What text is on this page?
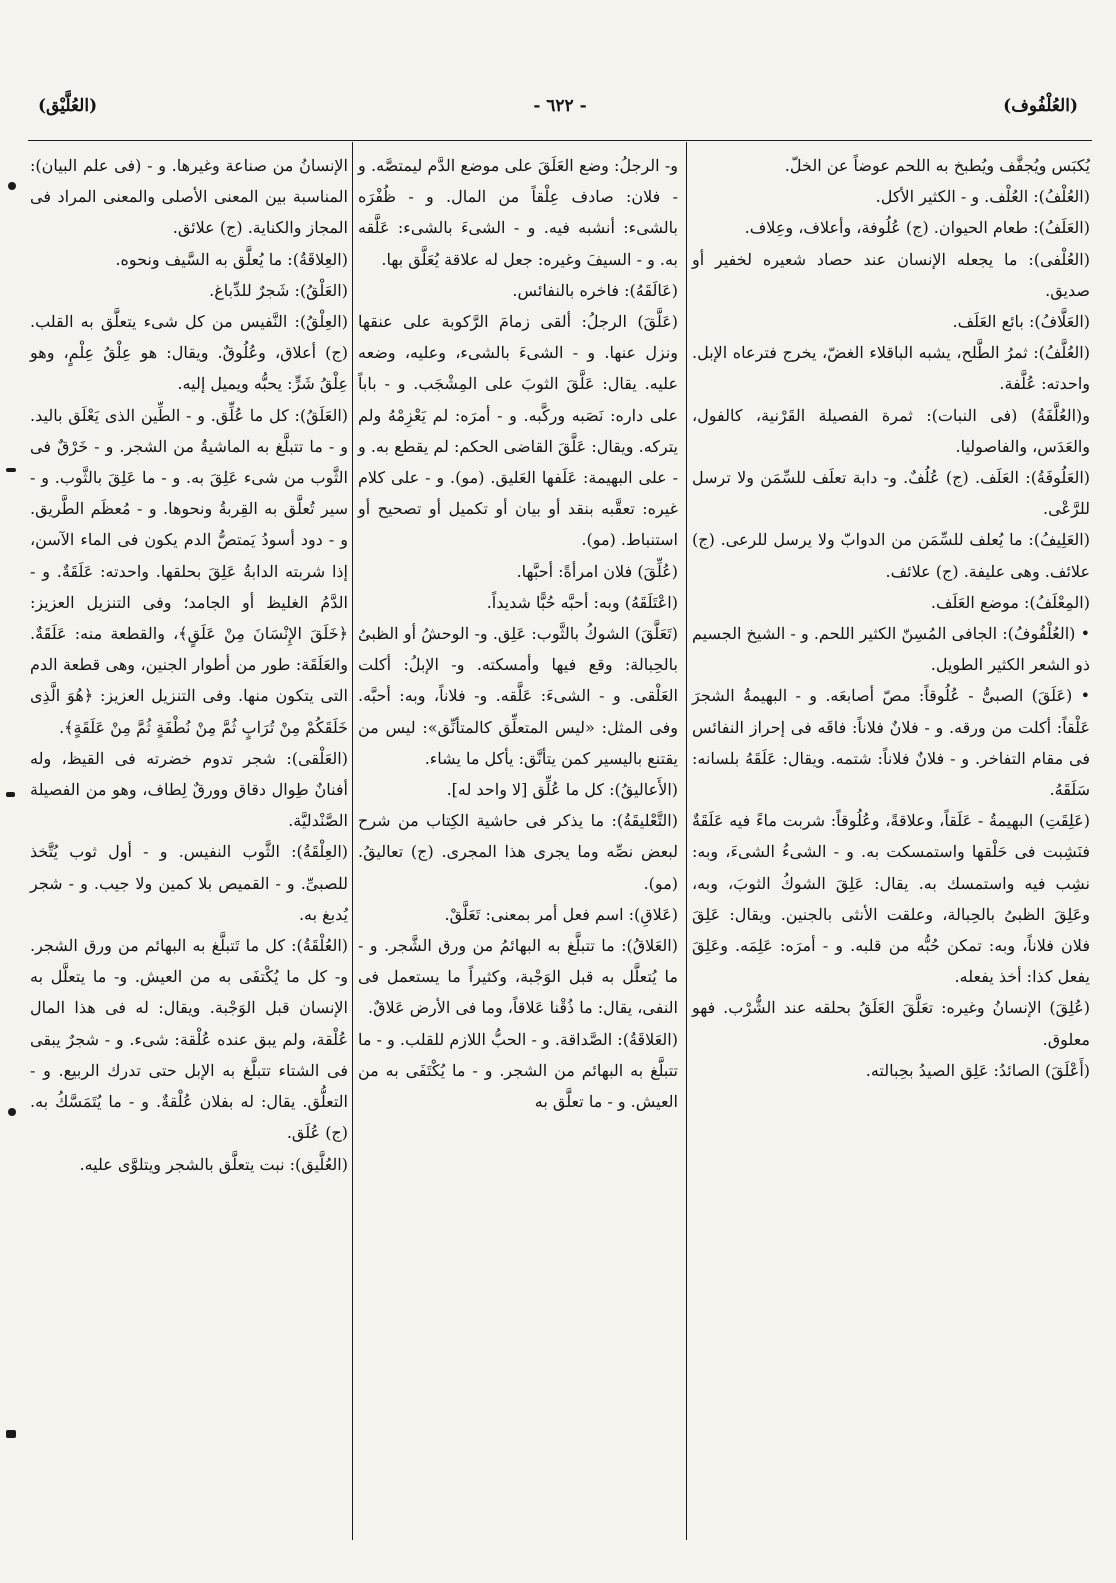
(العُلْفُوف)
- ٦٢٢ -
(العُلَّيْق)

يُكبَس ويُجفَّف ويُطبخ به اللحم عوضاً عن الخلّ.

(العُلْفُ): العُلْف. و - الكثير الأكل.

(العَلَفُ): طعام الحيوان. (ج) عُلُوفة، وأعلاف، وعِلاف.

(العُلْفى): ما يجعله الإنسان عند حصاد شعيره لخفير أو صديق.

(العَلَّافُ): بائع العَلَف.

(العُلَّفُ): ثمرُ الطَّلح، يشبه الباقلاء الغضّ، يخرج فترعاه الإبل. واحدته: عُلَّفة.

و(العُلَّفَةُ) (فى النبات): ثمرة الفصيلة القَرْنية، كالفول، والعَدَس، والفاصوليا.

(العَلُوفَةُ): العَلَف. (ج) عُلُفٌ. و- دابة تعلَف للسِّمَن ولا ترسل للرَّعْى.

(العَلِيفُ): ما يُعلف للسِّمَن من الدوابّ ولا يرسل للرعى. (ج) علائف. وهى عليفة. (ج) علائف.

(المِعْلَفُ): موضع العَلَف.

• (العُلْفُوفُ): الجافى المُسِنّ الكثير اللحم. و - الشيخ الجسيم ذو الشعر الكثير الطويل.

• (عَلَقَ) الصبىُّ - عُلُوقاً: مصّ أصابعَه. و - البهيمةُ الشجرَ عَلْقاً: أكلت من ورقه. و - فلانٌ فلاناً: فاقَه فى إحراز النفائس فى مقام التفاخر. و - فلانٌ فلاناً: شتمه. ويقال: عَلَقَهُ بلسانه: سَلَقَهُ.

(عَلِقَتِ) البهيمةُ - عَلَقاً، وعلاقةً، وعُلُوقاً: شربت ماءً فيه عَلَقَةٌ فنَشِبت فى حَلْقها واستمسكت به. و - الشىءُ الشىءَ، وبه: نشِب فيه واستمسك به. يقال: عَلِقَ الشوكُ الثوبَ، وبه، وعَلِقَ الظبىُ بالحِبالة، وعلقت الأنثى بالجنين. ويقال: عَلِقَ فلان فلاناً، وبه: تمكن حُبُّه من قلبه. و - أمرَه: عَلِمَه. وعَلِقَ يفعل كذا: أخذ يفعله.

(عُلِقَ) الإنسانُ وغيره: تعَلَّقَ العَلَقُ بحلقه عند الشُّرْب. فهو معلوق.

(أَعْلَقَ) الصائدُ: عَلِق الصيدُ بحِبالته.

و- الرجلُ: وضع العَلَقَ على موضع الدَّم ليمتصَّه. و - فلان: صادف عِلْقاً من المال. و - ظُفْرَه بالشىء: أنشبه فيه. و - الشىءَ بالشىء: عَلَّقه به. و - السيفَ وغيره: جعل له علاقة يُعَلَّق بها.

(عَالَقَهُ): فاخره بالنفائس.

(عَلَّقَ) الرجلُ: ألقى زمامَ الرَّكوبة على عنقها ونزل عنها. و - الشىءَ بالشىء، وعليه، وضعه عليه. يقال: عَلَّقَ الثوبَ على المِشْجَب. و - باباً على داره: نَصَبه وركَّبه. و - أمرَه: لم يَعْزِمْهُ ولم يتركه. ويقال: عَلَّقَ القاضى الحكم: لم يقطع به. و - على البهيمة: عَلَفها العَليق. (مو). و - على كلام غيره: تعقَّبه بنقد أو بيان أو تكميل أو تصحيح أو استنباط. (مو).

(عُلِّقَ) فلان امرأةً: أحبَّها.

(اعْتَلَقَهُ) وبه: أحبَّه حُبًّا شديداً.

(تَعَلَّقَ) الشوكُ بالثَّوب: عَلِق. و- الوحشُ أو الظبىُ بالحِبالة: وقع فيها وأمسكته. و- الإبلُ: أكلت العَلْقى. و - الشىءَ: عَلَّقه. و- فلاناً، وبه: أحبَّه. وفى المثل: «ليس المتعلِّق كالمتأنِّق»: ليس من يقتنع باليسير كمن يتأنَّق: يأكل ما يشاء.

(الأَعاليقُ): كل ما عُلِّق [لا واحد له].

(التَّعْليقَةُ): ما يذكر فى حاشية الكِتاب من شرح لبعض نصِّه وما يجرى هذا المجرى. (ج) تعاليقُ. (مو).

(عَلاقِ): اسم فعل أمر بمعنى: تَعَلَّقْ.

(العَلاقُ): ما تتبلَّغ به البهائمُ من ورق الشَّجر. و - ما يُتعلَّل به قبل الوَجْبة، وكثيراً ما يستعمل فى النفى، يقال: ما ذُقْنا عَلاقاً، وما فى الأرض عَلاقٌ.

(العَلاقَةُ): الصَّداقة. و - الحبُّ اللازم للقلب. و - ما تتبلَّغ به البهائم من الشجر. و - ما يُكْتَفَى به من العيش. و - ما تعلَّق به

الإنسانُ من صناعة وغيرها. و - (فى علم البيان): المناسبة بين المعنى الأصلى والمعنى المراد فى المجاز والكناية. (ج) علائق.

(العِلاقَةُ): ما يُعلَّق به السَّيف ونحوه.

(العَلْقُ): شَجرٌ للدِّباغ.

(العِلْقُ): النَّفيس من كل شىء يتعلَّق به القلب. (ج) أعلاق، وعُلُوقٌ. ويقال: هو عِلْقُ عِلْمٍ، وهو عِلْقُ شَرٍّ: يحبُّه ويميل إليه.

(العَلَقُ): كل ما عُلِّق. و - الطِّين الذى يَعْلَق باليد. و - ما تتبلَّغ به الماشيةُ من الشجر. و - خَرْقٌ فى الثَّوب من شىء عَلِقَ به. و - ما عَلِقَ بالثَّوب. و - سير تُعلَّق به القِربةُ ونحوها. و - مُعظَم الطَّريق. و - دود أسودُ يَمتصُّ الدم يكون فى الماء الآسن، إذا شربته الدابةُ عَلِقَ بحلقها. واحدته: عَلَقَةٌ. و - الدَّمُ الغليظ أو الجامد؛ وفى التنزيل العزيز: ﴿خَلَقَ الإِنْسَانَ مِنْ عَلَقٍ﴾، والقطعة منه: عَلَقَةٌ. والعَلَقَة: طور من أطوار الجنين، وهى قطعة الدم التى يتكون منها. وفى التنزيل العزيز: ﴿هُوَ الَّذِى خَلَقَكُمْ مِنْ تُرَابٍ ثُمَّ مِنْ نُطْفَةٍ ثُمَّ مِنْ عَلَقَةٍ﴾.

(العَلْقى): شجر تدوم خضرته فى القيظ، وله أفنانٌ طِوال دقاق وورقٌ لِطاف، وهو من الفصيلة الصَّنْدليَّة.

(العِلْقَةُ): الثَّوب النفيس. و - أول ثوب يُتَّخذ للصبىِّ. و - القميص بلا كمين ولا جيب. و - شجر يُدبغ به.

(العُلْقَةُ): كل ما تَتبلَّغ به البهائم من ورق الشجر. و- كل ما يُكْتفَى به من العيش. و- ما يتعلَّل به الإنسان قبل الوَجْبة. ويقال: له فى هذا المال عُلْقة، ولم يبق عنده عُلْقة: شىء. و - شجرٌ يبقى فى الشتاء تتبلَّغ به الإبل حتى تدرك الربيع. و - التعلُّق. يقال: له بفلان عُلْقةٌ. و - ما يُتَمَسَّكُ به. (ج) عُلَق.

(العُلَّيق): نبت يتعلَّق بالشجر ويتلوَّى عليه.
